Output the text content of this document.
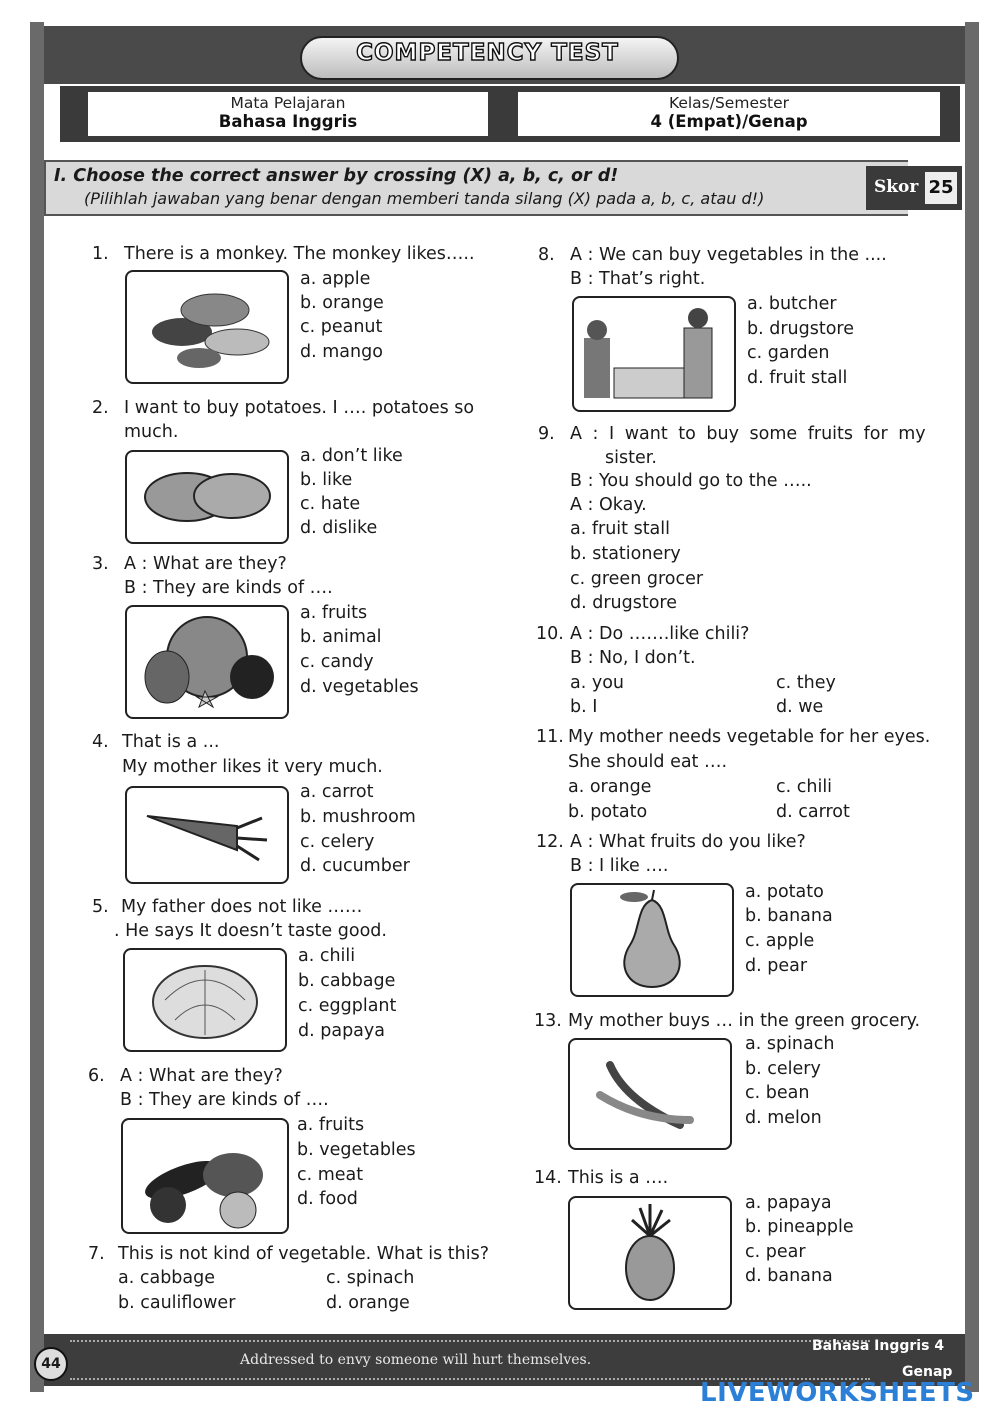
COMPETENCY TEST
Mata Pelajaran
Bahasa Inggris
Kelas/Semester
4 (Empat)/Genap
I. Choose the correct answer by crossing (X) a, b, c, or d!
(Pilihlah jawaban yang benar dengan memberi tanda silang (X) pada a, b, c, atau d!)
Skor 25
1. There is a monkey. The monkey likes…..
a. apple
b. orange
c. peanut
d. mango
2. I want to buy potatoes. I …. potatoes so
much.
a. don’t like
b. like
c. hate
d. dislike
3. A : What are they?
B : They are kinds of ….
a. fruits
b. animal
c. candy
d. vegetables
4. That is a ...
My mother likes it very much.
a. carrot
b. mushroom
c. celery
d. cucumber
5. My father does not like ……
. He says It doesn’t taste good.
a. chili
b. cabbage
c. eggplant
d. papaya
6. A : What are they?
B : They are kinds of ….
a. fruits
b. vegetables
c. meat
d. food
7. This is not kind of vegetable. What is this?
a. cabbage	c. spinach
b. cauliflower	d. orange
8. A : We can buy vegetables in the ....
B : That’s right.
a. butcher
b. drugstore
c. garden
d. fruit stall
9. A : I want to buy some fruits for my
sister.
B : You should go to the …..
A : Okay.
a. fruit stall
b. stationery
c. green grocer
d. drugstore
10. A : Do …….like chili?
B : No, I don’t.
a. you	c. they
b. I	d. we
11. My mother needs vegetable for her eyes.
She should eat ….
a. orange	c. chili
b. potato	d. carrot
12. A : What fruits do you like?
B : I like ….
a. potato
b. banana
c. apple
d. pear
13. My mother buys … in the green grocery.
a. spinach
b. celery
c. bean
d. melon
14. This is a ….
a. papaya
b. pineapple
c. pear
d. banana
44	Addressed to envy someone will hurt themselves.
Bahasa Inggris 4
Genap
LIVEWORKSHEETS
